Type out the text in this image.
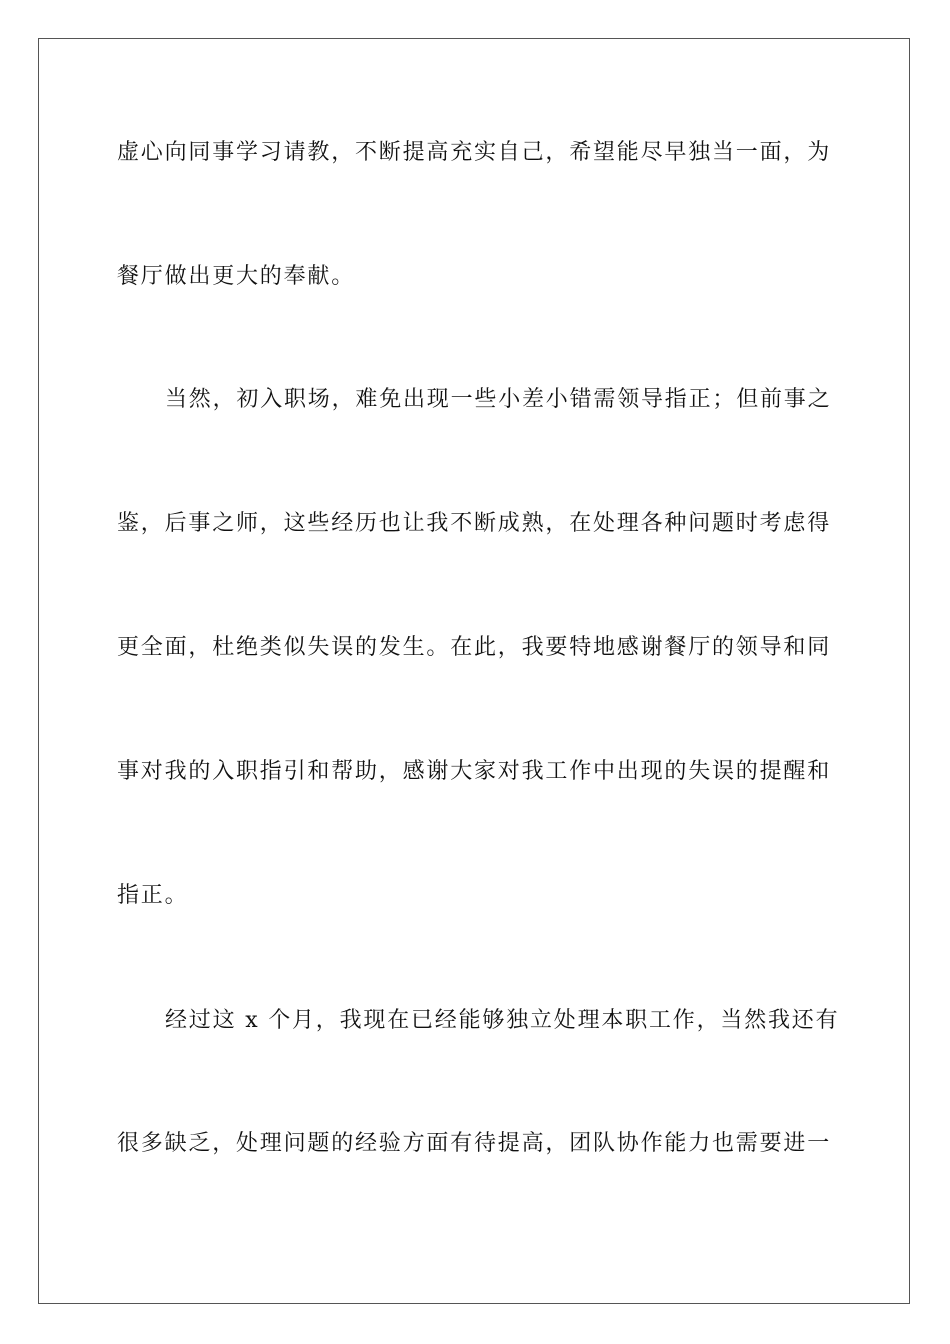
虚心向同事学习请教，不断提高充实自己，希望能尽早独当一面，为
餐厅做出更大的奉献。
当然，初入职场，难免出现一些小差小错需领导指正；但前事之
鉴，后事之师，这些经历也让我不断成熟，在处理各种问题时考虑得
更全面，杜绝类似失误的发生。在此，我要特地感谢餐厅的领导和同
事对我的入职指引和帮助，感谢大家对我工作中出现的失误的提醒和
指正。
经过这 x 个月，我现在已经能够独立处理本职工作，当然我还有
很多缺乏，处理问题的经验方面有待提高，团队协作能力也需要进一
